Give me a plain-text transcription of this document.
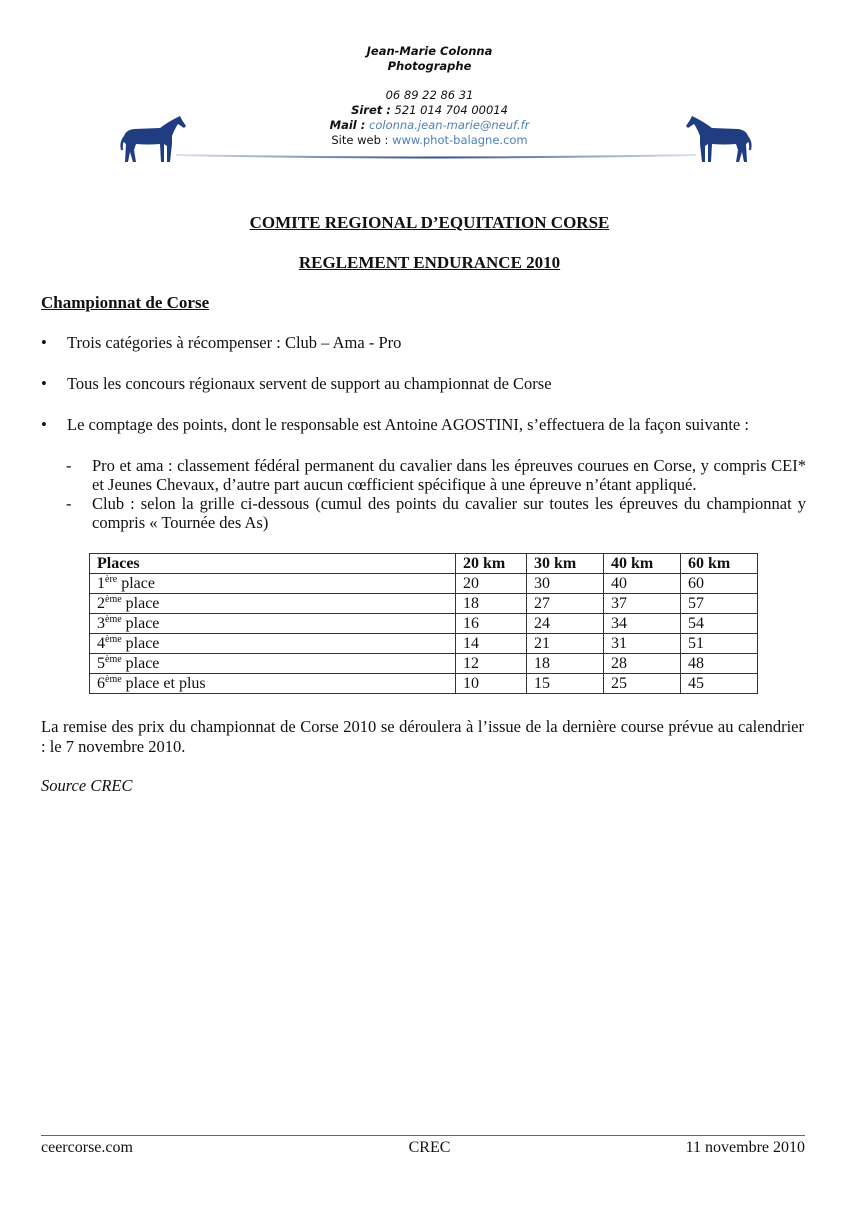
Jean-Marie Colonna
Photographe
06 89 22 86 31
Siret : 521 014 704 00014
Mail : colonna.jean-marie@neuf.fr
Site web : www.phot-balagne.com
COMITE REGIONAL D’EQUITATION CORSE
REGLEMENT ENDURANCE 2010
Championnat de Corse
• Trois catégories à récompenser : Club – Ama - Pro
• Tous les concours régionaux servent de support au championnat de Corse
• Le comptage des points, dont le responsable est Antoine AGOSTINI, s’effectuera de la façon suivante :
- Pro et ama : classement fédéral permanent du cavalier dans les épreuves courues en Corse, y compris CEI* et Jeunes Chevaux, d’autre part aucun cœfficient spécifique à une épreuve n’étant appliqué.
- Club : selon la grille ci-dessous (cumul des points du cavalier sur toutes les épreuves du championnat y compris « Tournée des As)
Places	20 km	30 km	40 km	60 km
1ère place	20	30	40	60
2ème place	18	27	37	57
3ème place	16	24	34	54
4ème place	14	21	31	51
5ème place	12	18	28	48
6ème place et plus	10	15	25	45
La remise des prix du championnat de Corse 2010 se déroulera à l’issue de la dernière course prévue au calendrier : le 7 novembre 2010.
Source CREC
ceercorse.com	CREC	11 novembre 2010
